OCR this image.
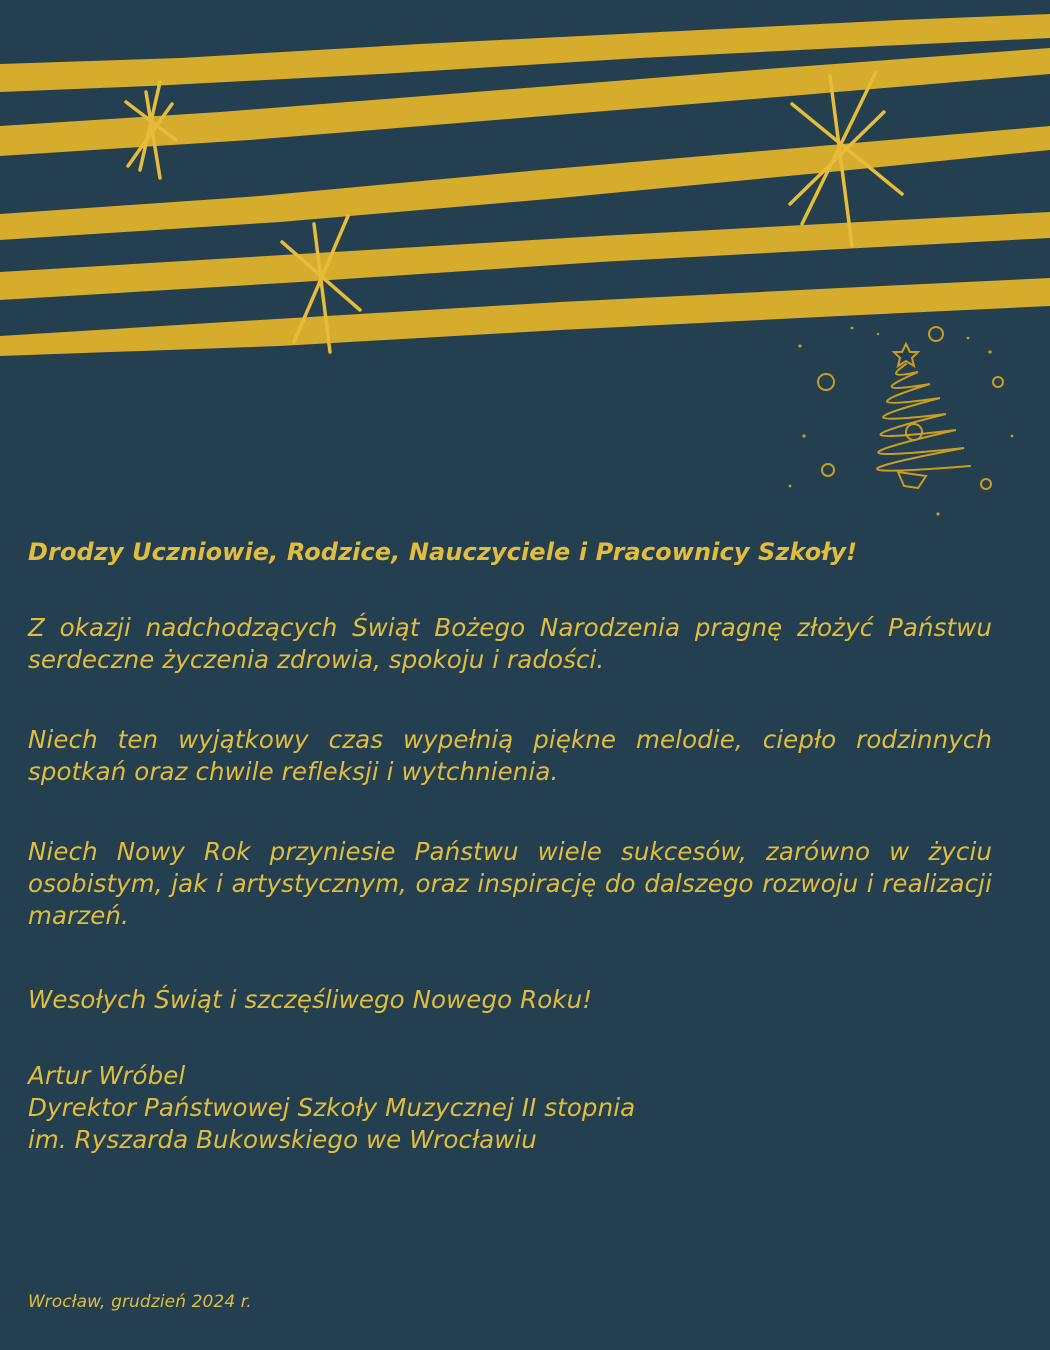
Drodzy Uczniowie, Rodzice, Nauczyciele i Pracownicy Szkoły!
Z okazji nadchodzących Świąt Bożego Narodzenia pragnę złożyć Państwu serdeczne życzenia zdrowia, spokoju i radości.
Niech ten wyjątkowy czas wypełnią piękne melodie, ciepło rodzinnych spotkań oraz chwile refleksji i wytchnienia.
Niech Nowy Rok przyniesie Państwu wiele sukcesów, zarówno w życiu osobistym, jak i artystycznym, oraz inspirację do dalszego rozwoju i realizacji marzeń.
Wesołych Świąt i szczęśliwego Nowego Roku!
Artur Wróbel
Dyrektor Państwowej Szkoły Muzycznej II stopnia
im. Ryszarda Bukowskiego we Wrocławiu
Wrocław, grudzień 2024 r.
